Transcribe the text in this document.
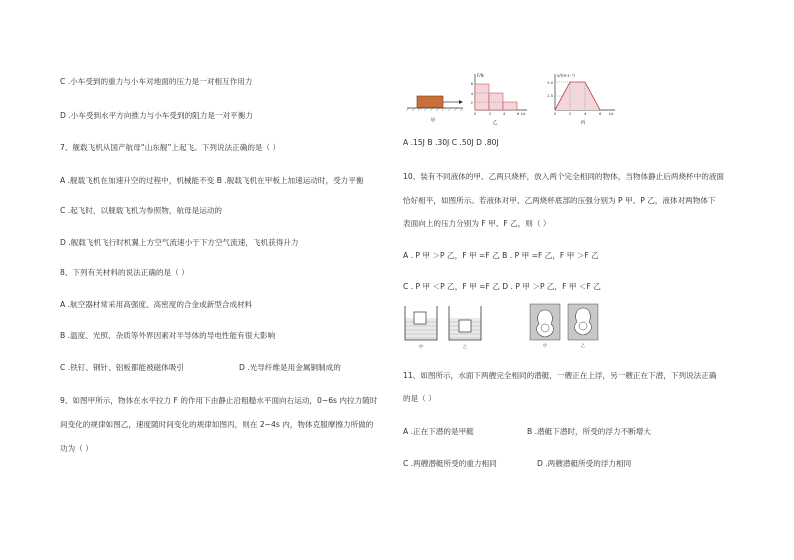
C .小车受到的重力与小车对地面的压力是一对相互作用力
D .小车受到水平方向推力与小车受到的阻力是一对平衡力
7、舰载飞机从国产航母“山东舰”上起飞。下列说法正确的是（ ）
A .舰载飞机在加速升空的过程中，机械能不变 B .舰载飞机在甲板上加速运动时，受力平衡
C .起飞时，以舰载飞机为参照物，航母是运动的
D .舰载飞机飞行时机翼上方空气流速小于下方空气流速，飞机获得升力
8、下列有关材料的说法正确的是（ ）
A .航空器材常采用高强度、高密度的合金或新型合成材料
B .温度、光照、杂质等外界因素对半导体的导电性能有很大影响
C .铁钉、钢针、铝板都能被磁体吸引	D .光导纤维是用金属铜制成的
9、如图甲所示，物体在水平拉力 F 的作用下由静止沿粗糙水平面向右运动，0~6s 内拉力随时
间变化的规律如图乙，速度随时间变化的规律如图丙，则在 2~4s 内，物体克服摩擦力所做的
功为（ ）
甲
F/N
t/s
6
4
2
0	2	4	6
乙
v/(m·s⁻¹)
t/s
5.0
2.5
0	2	4	6
丙
A .15J B .30J C .50J D .80J
10、装有不同液体的甲、乙两只烧杯，放入两个完全相同的物体，当物体静止后两烧杯中的液面
恰好相平，如图所示。若液体对甲、乙两烧杯底部的压强分别为 P 甲、P 乙，液体对两物体下
表面向上的压力分别为 F 甲、F 乙，则（ ）
A . P 甲 ＞P 乙，F 甲 =F 乙 B . P 甲 =F 乙，F 甲 ＞F 乙
C . P 甲 ＜P 乙，F 甲 =F 乙 D . P 甲 ＞P 乙，F 甲 ＜F 乙
甲	乙	甲	乙
11、如图所示，水面下两艘完全相同的潜艇，一艘正在上浮，另一艘正在下潜，下列说法正确
的是（ ）
A .正在下潜的是甲艇	B .潜艇下潜时，所受的浮力不断增大
C .两艘潜艇所受的重力相同	D .两艘潜艇所受的浮力相同
